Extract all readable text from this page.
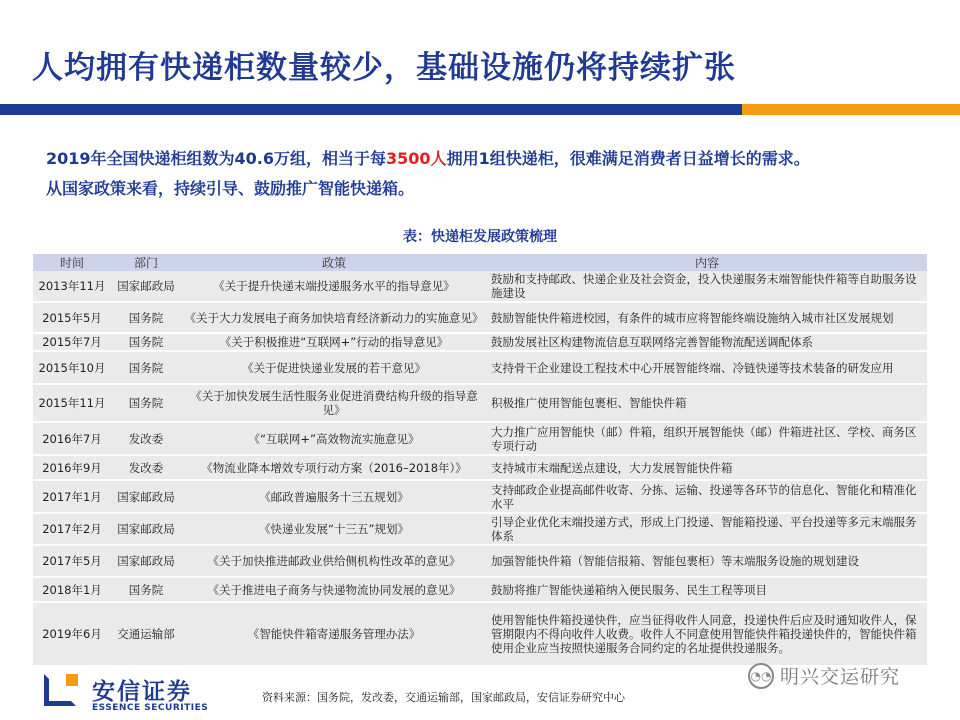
人均拥有快递柜数量较少，基础设施仍将持续扩张
2019年全国快递柜组数为40.6万组，相当于每3500人拥用1组快递柜，很难满足消费者日益增长的需求。
从国家政策来看，持续引导、鼓励推广智能快递箱。
表：快递柜发展政策梳理
时间	部门	政策	内容
2013年11月	国家邮政局	《关于提升快递末端投递服务水平的指导意见》	鼓励和支持邮政、快递企业及社会资金，投入快递服务末端智能快件箱等自助服务设施建设
2015年5月	国务院	《关于大力发展电子商务加快培育经济新动力的实施意见》	鼓励智能快件箱进校园，有条件的城市应将智能终端设施纳入城市社区发展规划
2015年7月	国务院	《关于积极推进“互联网+”行动的指导意见》	鼓励发展社区构建物流信息互联网络完善智能物流配送调配体系
2015年10月	国务院	《关于促进快递业发展的若干意见》	支持骨干企业建设工程技术中心开展智能终端、冷链快递等技术装备的研发应用
2015年11月	国务院	《关于加快发展生活性服务业促进消费结构升级的指导意见》	积极推广使用智能包裹柜、智能快件箱
2016年7月	发改委	《“互联网+”高效物流实施意见》	大力推广应用智能快（邮）件箱，组织开展智能快（邮）件箱进社区、学校、商务区专项行动
2016年9月	发改委	《物流业降本增效专项行动方案（2016–2018年）》	支持城市末端配送点建设，大力发展智能快件箱
2017年1月	国家邮政局	《邮政普遍服务十三五规划》	支持邮政企业提高邮件收寄、分拣、运输、投递等各环节的信息化、智能化和精准化水平
2017年2月	国家邮政局	《快递业发展“十三五”规划》	引导企业优化末端投递方式，形成上门投递、智能箱投递、平台投递等多元末端服务体系
2017年5月	国家邮政局	《关于加快推进邮政业供给侧机构性改革的意见》	加强智能快件箱（智能信报箱、智能包裹柜）等末端服务设施的规划建设
2018年1月	国务院	《关于推进电子商务与快递物流协同发展的意见》	鼓励将推广智能快递箱纳入便民服务、民生工程等项目
2019年6月	交通运输部	《智能快件箱寄递服务管理办法》	使用智能快件箱投递快件，应当征得收件人同意，投递快件后应及时通知收件人，保管期限内不得向收件人收费。收件人不同意使用智能快件箱投递快件的，智能快件箱使用企业应当按照快递服务合同约定的名址提供投递服务。
安信证券
ESSENCE SECURITIES
资料来源：国务院，发改委，交通运输部，国家邮政局，安信证券研究中心
◔◔ 明兴交运研究
